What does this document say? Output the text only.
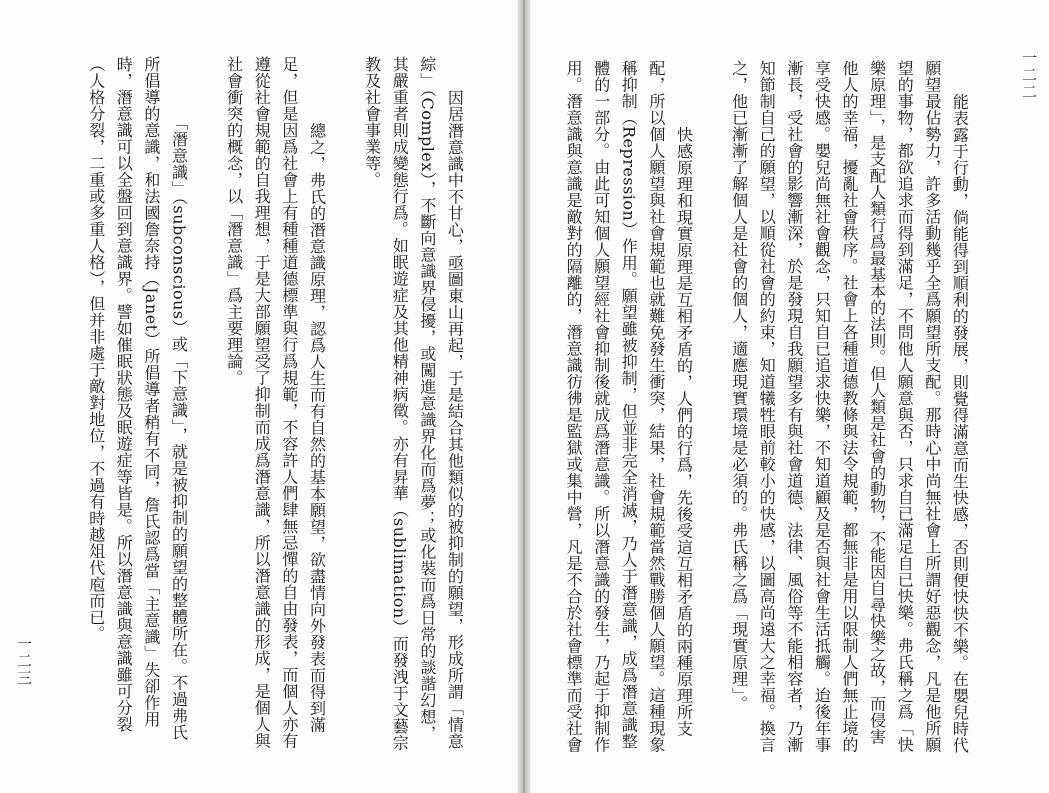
一二三	因居潛意識中不甘心，亟圖東山再起，于是結合其他類似的被抑制的願望，形成所謂「情意綜」（Complex），不斷向意識界侵擾，或闖進意識界化而爲夢；或化裝而爲日常的談諧幻想，其嚴重者則成變態行爲。如眠遊症及其他精神病徵。亦有昇華（sublimation）而發洩于文藝宗教及社會事業等。

　　總之，弗氏的潛意識原理，認爲人生而有自然的基本願望，欲盡情向外發表而得到滿足，但是因爲社會上有種種道德標準與行爲規範，不容許人們肆無忌憚的自由發表，而個人亦有遵從社會規範的自我理想，于是大部願望受了抑制而成爲潛意識，所以潛意識的形成，是個人與社會衝突的概念，以「潛意識」爲主要理論。

　　「潛意識」（subconscious）或「下意識」，就是被抑制的願望的整體所在。不過弗氏所倡導的意識，和法國詹奈持（Janet）所倡導者稍有不同，詹氏認爲當「主意識」失卻作用時，潛意識可以全盤回到意識界。譬如催眠狀態及眠遊症等皆是。所以潛意識與意識雖可分裂（人格分裂，二重或多重人格），但并非處于敵對地位，不過有時越俎代庖而已。

	一二二

能表露于行動，倘能得到順利的發展，則覺得滿意而生快感，否則便快快不樂。在嬰兒時代願望最佔勢力，許多活動幾乎全爲願望所支配。那時心中尚無社會上所謂好惡觀念，凡是他所願望的事物，都欲追求而得到滿足，不問他人願意與否，只求自已滿足自已快樂。弗氏稱之爲「快樂原理」，是支配人類行爲最基本的法則。但人類是社會的動物，不能因自尋快樂之故，而侵害他人的幸福，擾亂社會秩序。社會上各種道德教條與法令規範，都無非是用以限制人們無止境的享受快感。嬰兒尚無社會觀念，只知自已追求快樂，不知道顧及是否與社會生活抵觸。迨後年事漸長，受社會的影響漸深，於是發現自我願望多有與社會道德、法律、風俗等不能相容者，乃漸知節制自己的願望，以順從社會的約束，知道犧牲眼前較小的快感，以圖高尚遠大之幸福。換言之，他已漸漸了解個人是社會的個人，適應現實環境是必須的。弗氏稱之爲「現實原理」。

　　快感原理和現實原理是互相矛盾的，人們的行爲，先後受這互相矛盾的兩種原理所支配，所以個人願望與社會規範也就難免發生衝突，結果，社會規範當然戰勝個人願望。這種現象稱抑制（Repression）作用。願望雖被抑制，但並非完全消滅，乃人于潛意識，成爲潛意識整體的一部分。由此可知個人願望經社會抑制後就成爲潛意識。所以潛意識的發生，乃起于抑制作用。潛意識與意識是敵對的隔離的，潛意識彷彿是監獄或集中營，凡是不合於社會標準而受社會
